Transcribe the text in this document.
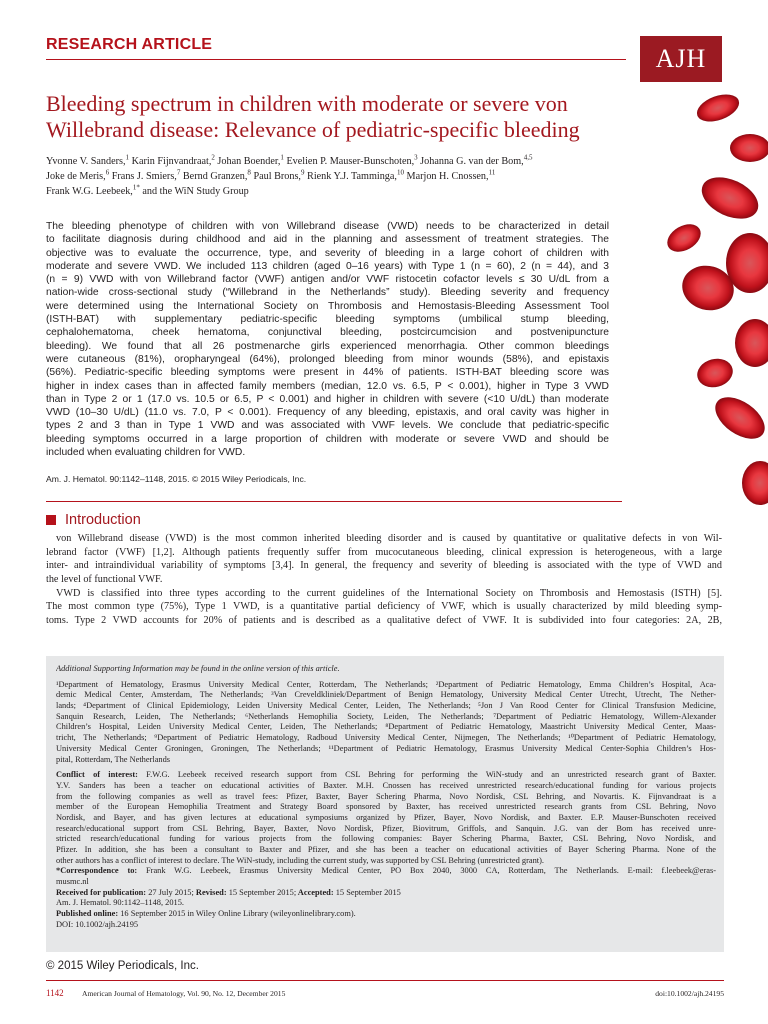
RESEARCH ARTICLE	AJH
Bleeding spectrum in children with moderate or severe von
Willebrand disease: Relevance of pediatric-specific bleeding
Yvonne V. Sanders,$^1$ Karin Fijnvandraat,$^2$ Johan Boender,$^1$ Evelien P. Mauser-Bunschoten,$^3$ Johanna G. van der Bom,$^{4,5}$
Joke de Meris,$^6$ Frans J. Smiers,$^7$ Bernd Granzen,$^8$ Paul Brons,$^9$ Rienk Y.J. Tamminga,$^{10}$ Marjon H. Cnossen,$^{11}$
Frank W.G. Leebeek,$^{1*}$ and the WiN Study Group
The bleeding phenotype of children with von Willebrand disease (VWD) needs to be characterized in detail
to facilitate diagnosis during childhood and aid in the planning and assessment of treatment strategies. The
objective was to evaluate the occurrence, type, and severity of bleeding in a large cohort of children with
moderate and severe VWD. We included 113 children (aged 0–16 years) with Type 1 (n = 60), 2 (n = 44), and 3
(n = 9) VWD with von Willebrand factor (VWF) antigen and/or VWF ristocetin cofactor levels ≤ 30 U/dL from a
nation-wide cross-sectional study (“Willebrand in the Netherlands” study). Bleeding severity and frequency
were determined using the International Society on Thrombosis and Hemostasis-Bleeding Assessment Tool
(ISTH-BAT) with supplementary pediatric-specific bleeding symptoms (umbilical stump bleeding,
cephalohematoma, cheek hematoma, conjunctival bleeding, postcircumcision and postvenipuncture
bleeding). We found that all 26 postmenarche girls experienced menorrhagia. Other common bleedings
were cutaneous (81%), oropharyngeal (64%), prolonged bleeding from minor wounds (58%), and epistaxis
(56%). Pediatric-specific bleeding symptoms were present in 44% of patients. ISTH-BAT bleeding score was
higher in index cases than in affected family members (median, 12.0 vs. 6.5, P < 0.001), higher in Type 3 VWD
than in Type 2 or 1 (17.0 vs. 10.5 or 6.5, P < 0.001) and higher in children with severe (<10 U/dL) than moderate
VWD (10–30 U/dL) (11.0 vs. 7.0, P < 0.001). Frequency of any bleeding, epistaxis, and oral cavity was higher in
types 2 and 3 than in Type 1 VWD and was associated with VWF levels. We conclude that pediatric-specific
bleeding symptoms occurred in a large proportion of children with moderate or severe VWD and should be
included when evaluating children for VWD.
Am. J. Hematol. 90:1142–1148, 2015. © 2015 Wiley Periodicals, Inc.
Introduction
von Willebrand disease (VWD) is the most common inherited bleeding disorder and is caused by quantitative or qualitative defects in von Wil-
lebrand factor (VWF) [1,2]. Although patients frequently suffer from mucocutaneous bleeding, clinical expression is heterogeneous, with a large
inter- and intraindividual variability of symptoms [3,4]. In general, the frequency and severity of bleeding is associated with the type of VWD and
the level of functional VWF.
VWD is classified into three types according to the current guidelines of the International Society on Thrombosis and Hemostasis (ISTH) [5].
The most common type (75%), Type 1 VWD, is a quantitative partial deficiency of VWF, which is usually characterized by mild bleeding symp-
toms. Type 2 VWD accounts for 20% of patients and is described as a qualitative defect of VWF. It is subdivided into four categories: 2A, 2B,
Additional Supporting Information may be found in the online version of this article.
¹Department of Hematology, Erasmus University Medical Center, Rotterdam, The Netherlands; ²Department of Pediatric Hematology, Emma Children’s Hospital, Aca-
demic Medical Center, Amsterdam, The Netherlands; ³Van Creveldkliniek/Department of Benign Hematology, University Medical Center Utrecht, Utrecht, The Nether-
lands; ⁴Department of Clinical Epidemiology, Leiden University Medical Center, Leiden, The Netherlands; ⁵Jon J Van Rood Center for Clinical Transfusion Medicine,
Sanquin Research, Leiden, The Netherlands; ⁶Netherlands Hemophilia Society, Leiden, The Netherlands; ⁷Department of Pediatric Hematology, Willem-Alexander
Children’s Hospital, Leiden University Medical Center, Leiden, The Netherlands; ⁸Department of Pediatric Hematology, Maastricht University Medical Center, Maas-
tricht, The Netherlands; ⁹Department of Pediatric Hematology, Radboud University Medical Center, Nijmegen, The Netherlands; ¹⁰Department of Pediatric Hematology,
University Medical Center Groningen, Groningen, The Netherlands; ¹¹Department of Pediatric Hematology, Erasmus University Medical Center-Sophia Children’s Hos-
pital, Rotterdam, The Netherlands
Conflict of interest: F.W.G. Leebeek received research support from CSL Behring for performing the WiN-study and an unrestricted research grant of Baxter.
Y.V. Sanders has been a teacher on educational activities of Baxter. M.H. Cnossen has received unrestricted research/educational funding for various projects
from the following companies as well as travel fees: Pfizer, Baxter, Bayer Schering Pharma, Novo Nordisk, CSL Behring, and Novartis. K. Fijnvandraat is a
member of the European Hemophilia Treatment and Strategy Board sponsored by Baxter, has received unrestricted research grants from CSL Behring, Novo
Nordisk, and Bayer, and has given lectures at educational symposiums organized by Pfizer, Bayer, Novo Nordisk, and Baxter. E.P. Mauser-Bunschoten received
research/educational support from CSL Behring, Bayer, Baxter, Novo Nordisk, Pfizer, Biovitrum, Griffols, and Sanquin. J.G. van der Bom has received unre-
stricted research/educational funding for various projects from the following companies: Bayer Schering Pharma, Baxter, CSL Behring, Novo Nordisk, and
Pfizer. In addition, she has been a consultant to Baxter and Pfizer, and she has been a teacher on educational activities of Bayer Schering Pharma. None of the
other authors has a conflict of interest to declare. The WiN-study, including the current study, was supported by CSL Behring (unrestricted grant).
*Correspondence to: Frank W.G. Leebeek, Erasmus University Medical Center, PO Box 2040, 3000 CA, Rotterdam, The Netherlands. E-mail: f.leebeek@eras-
musmc.nl
Received for publication: 27 July 2015; Revised: 15 September 2015; Accepted: 15 September 2015
Am. J. Hematol. 90:1142–1148, 2015.
Published online: 16 September 2015 in Wiley Online Library (wileyonlinelibrary.com).
DOI: 10.1002/ajh.24195
© 2015 Wiley Periodicals, Inc.
1142 American Journal of Hematology, Vol. 90, No. 12, December 2015	doi:10.1002/ajh.24195
